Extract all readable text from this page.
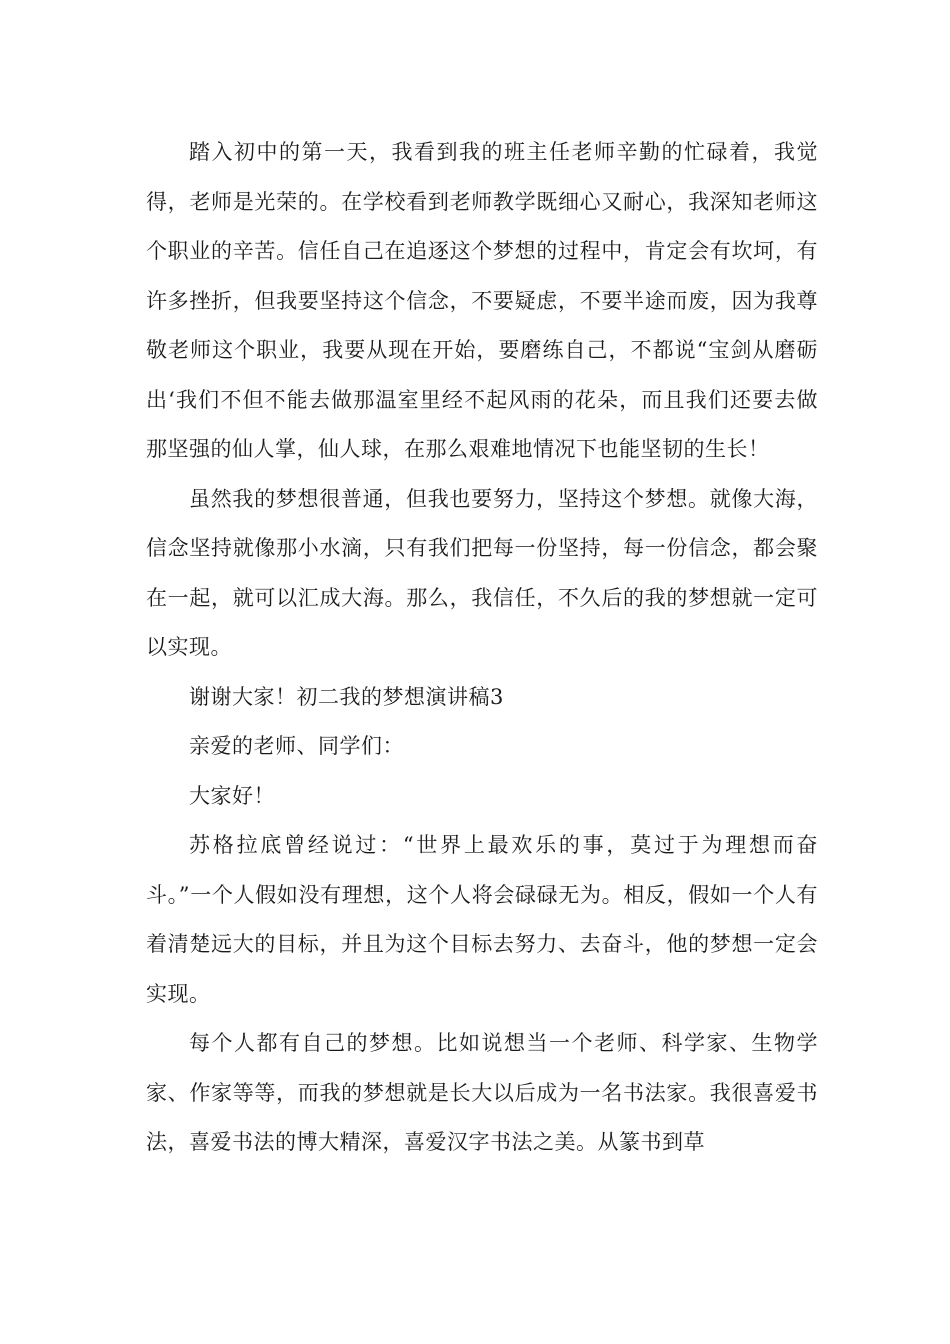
踏入初中的第一天，我看到我的班主任老师辛勤的忙碌着，我觉得，老师是光荣的。在学校看到老师教学既细心又耐心，我深知老师这个职业的辛苦。信任自己在追逐这个梦想的过程中，肯定会有坎坷，有许多挫折，但我要坚持这个信念，不要疑虑，不要半途而废，因为我尊敬老师这个职业，我要从现在开始，要磨练自己，不都说“宝剑从磨砺出‘我们不但不能去做那温室里经不起风雨的花朵，而且我们还要去做那坚强的仙人掌，仙人球，在那么艰难地情况下也能坚韧的生长！

虽然我的梦想很普通，但我也要努力，坚持这个梦想。就像大海，信念坚持就像那小水滴，只有我们把每一份坚持，每一份信念，都会聚在一起，就可以汇成大海。那么，我信任，不久后的我的梦想就一定可以实现。

谢谢大家！初二我的梦想演讲稿3

亲爱的老师、同学们：

大家好！

苏格拉底曾经说过：“世界上最欢乐的事，莫过于为理想而奋斗。”一个人假如没有理想，这个人将会碌碌无为。相反，假如一个人有着清楚远大的目标，并且为这个目标去努力、去奋斗，他的梦想一定会实现。

每个人都有自己的梦想。比如说想当一个老师、科学家、生物学家、作家等等，而我的梦想就是长大以后成为一名书法家。我很喜爱书法，喜爱书法的博大精深，喜爱汉字书法之美。从篆书到草
